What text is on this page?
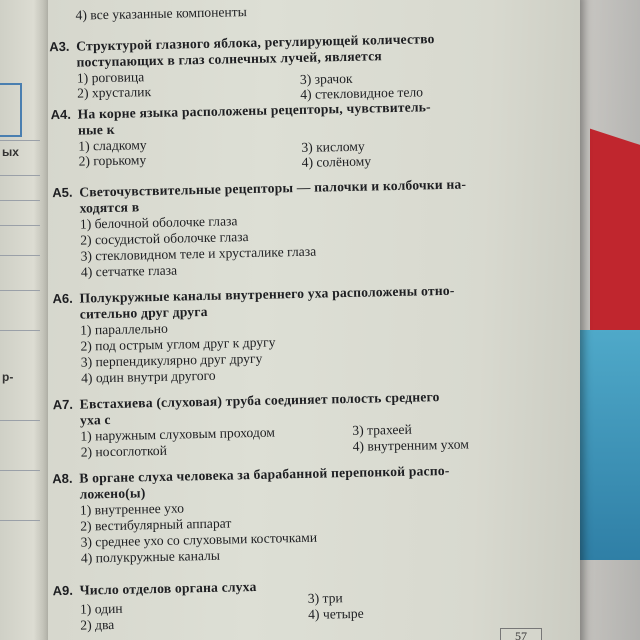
ых
р-
4) все указанные компоненты
А3. Структурой глазного яблока, регулирующей количество
поступающих в глаз солнечных лучей, является
1) роговица
2) хрусталик
3) зрачок
4) стекловидное тело
А4. На корне языка расположены рецепторы, чувствитель-
ные к
1) сладкому
2) горькому
3) кислому
4) солёному
А5. Светочувствительные рецепторы — палочки и колбочки на-
ходятся в
1) белочной оболочке глаза
2) сосудистой оболочке глаза
3) стекловидном теле и хрусталике глаза
4) сетчатке глаза
А6. Полукружные каналы внутреннего уха расположены отно-
сительно друг друга
1) параллельно
2) под острым углом друг к другу
3) перпендикулярно друг другу
4) один внутри другого
А7. Евстахиева (слуховая) труба соединяет полость среднего
уха с
1) наружным слуховым проходом
2) носоглоткой
3) трахеей
4) внутренним ухом
А8. В органе слуха человека за барабанной перепонкой распо-
ложено(ы)
1) внутреннее ухо
2) вестибулярный аппарат
3) среднее ухо со слуховыми косточками
4) полукружные каналы
А9. Число отделов органа слуха
1) один
2) два
3) три
4) четыре
57
